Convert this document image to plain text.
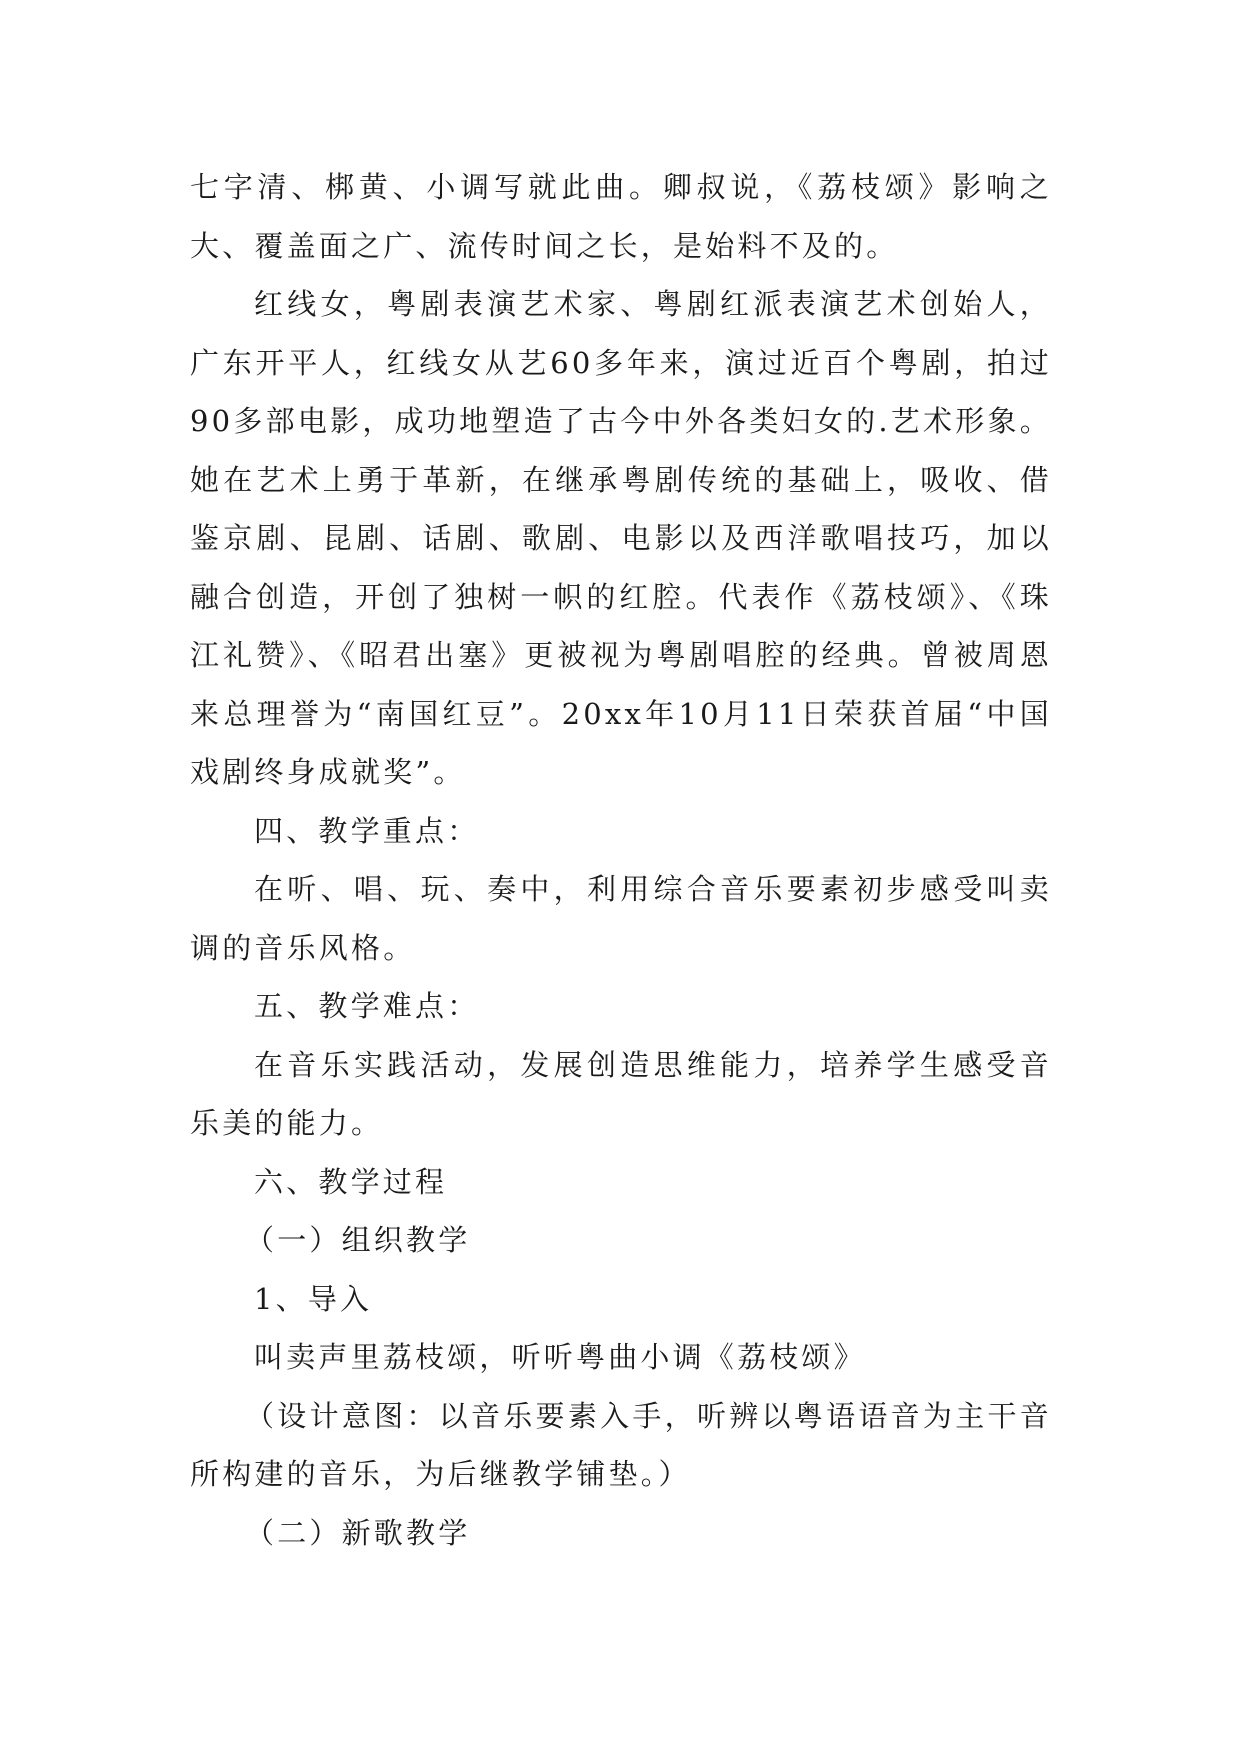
七字清、梆黄、小调写就此曲。卿叔说，《荔枝颂》影响之大、覆盖面之广、流传时间之长，是始料不及的。

红线女，粤剧表演艺术家、粤剧红派表演艺术创始人，广东开平人，红线女从艺60多年来，演过近百个粤剧，拍过90多部电影，成功地塑造了古今中外各类妇女的.艺术形象。她在艺术上勇于革新，在继承粤剧传统的基础上，吸收、借鉴京剧、昆剧、话剧、歌剧、电影以及西洋歌唱技巧，加以融合创造，开创了独树一帜的红腔。代表作《荔枝颂》、《珠江礼赞》、《昭君出塞》更被视为粤剧唱腔的经典。曾被周恩来总理誉为“南国红豆”。20xx年10月11日荣获首届“中国戏剧终身成就奖”。

四、教学重点：

在听、唱、玩、奏中，利用综合音乐要素初步感受叫卖调的音乐风格。

五、教学难点：

在音乐实践活动，发展创造思维能力，培养学生感受音乐美的能力。

六、教学过程

（一）组织教学

1、导入

叫卖声里荔枝颂，听听粤曲小调《荔枝颂》

（设计意图：以音乐要素入手，听辨以粤语语音为主干音所构建的音乐，为后继教学铺垫。）

（二）新歌教学
